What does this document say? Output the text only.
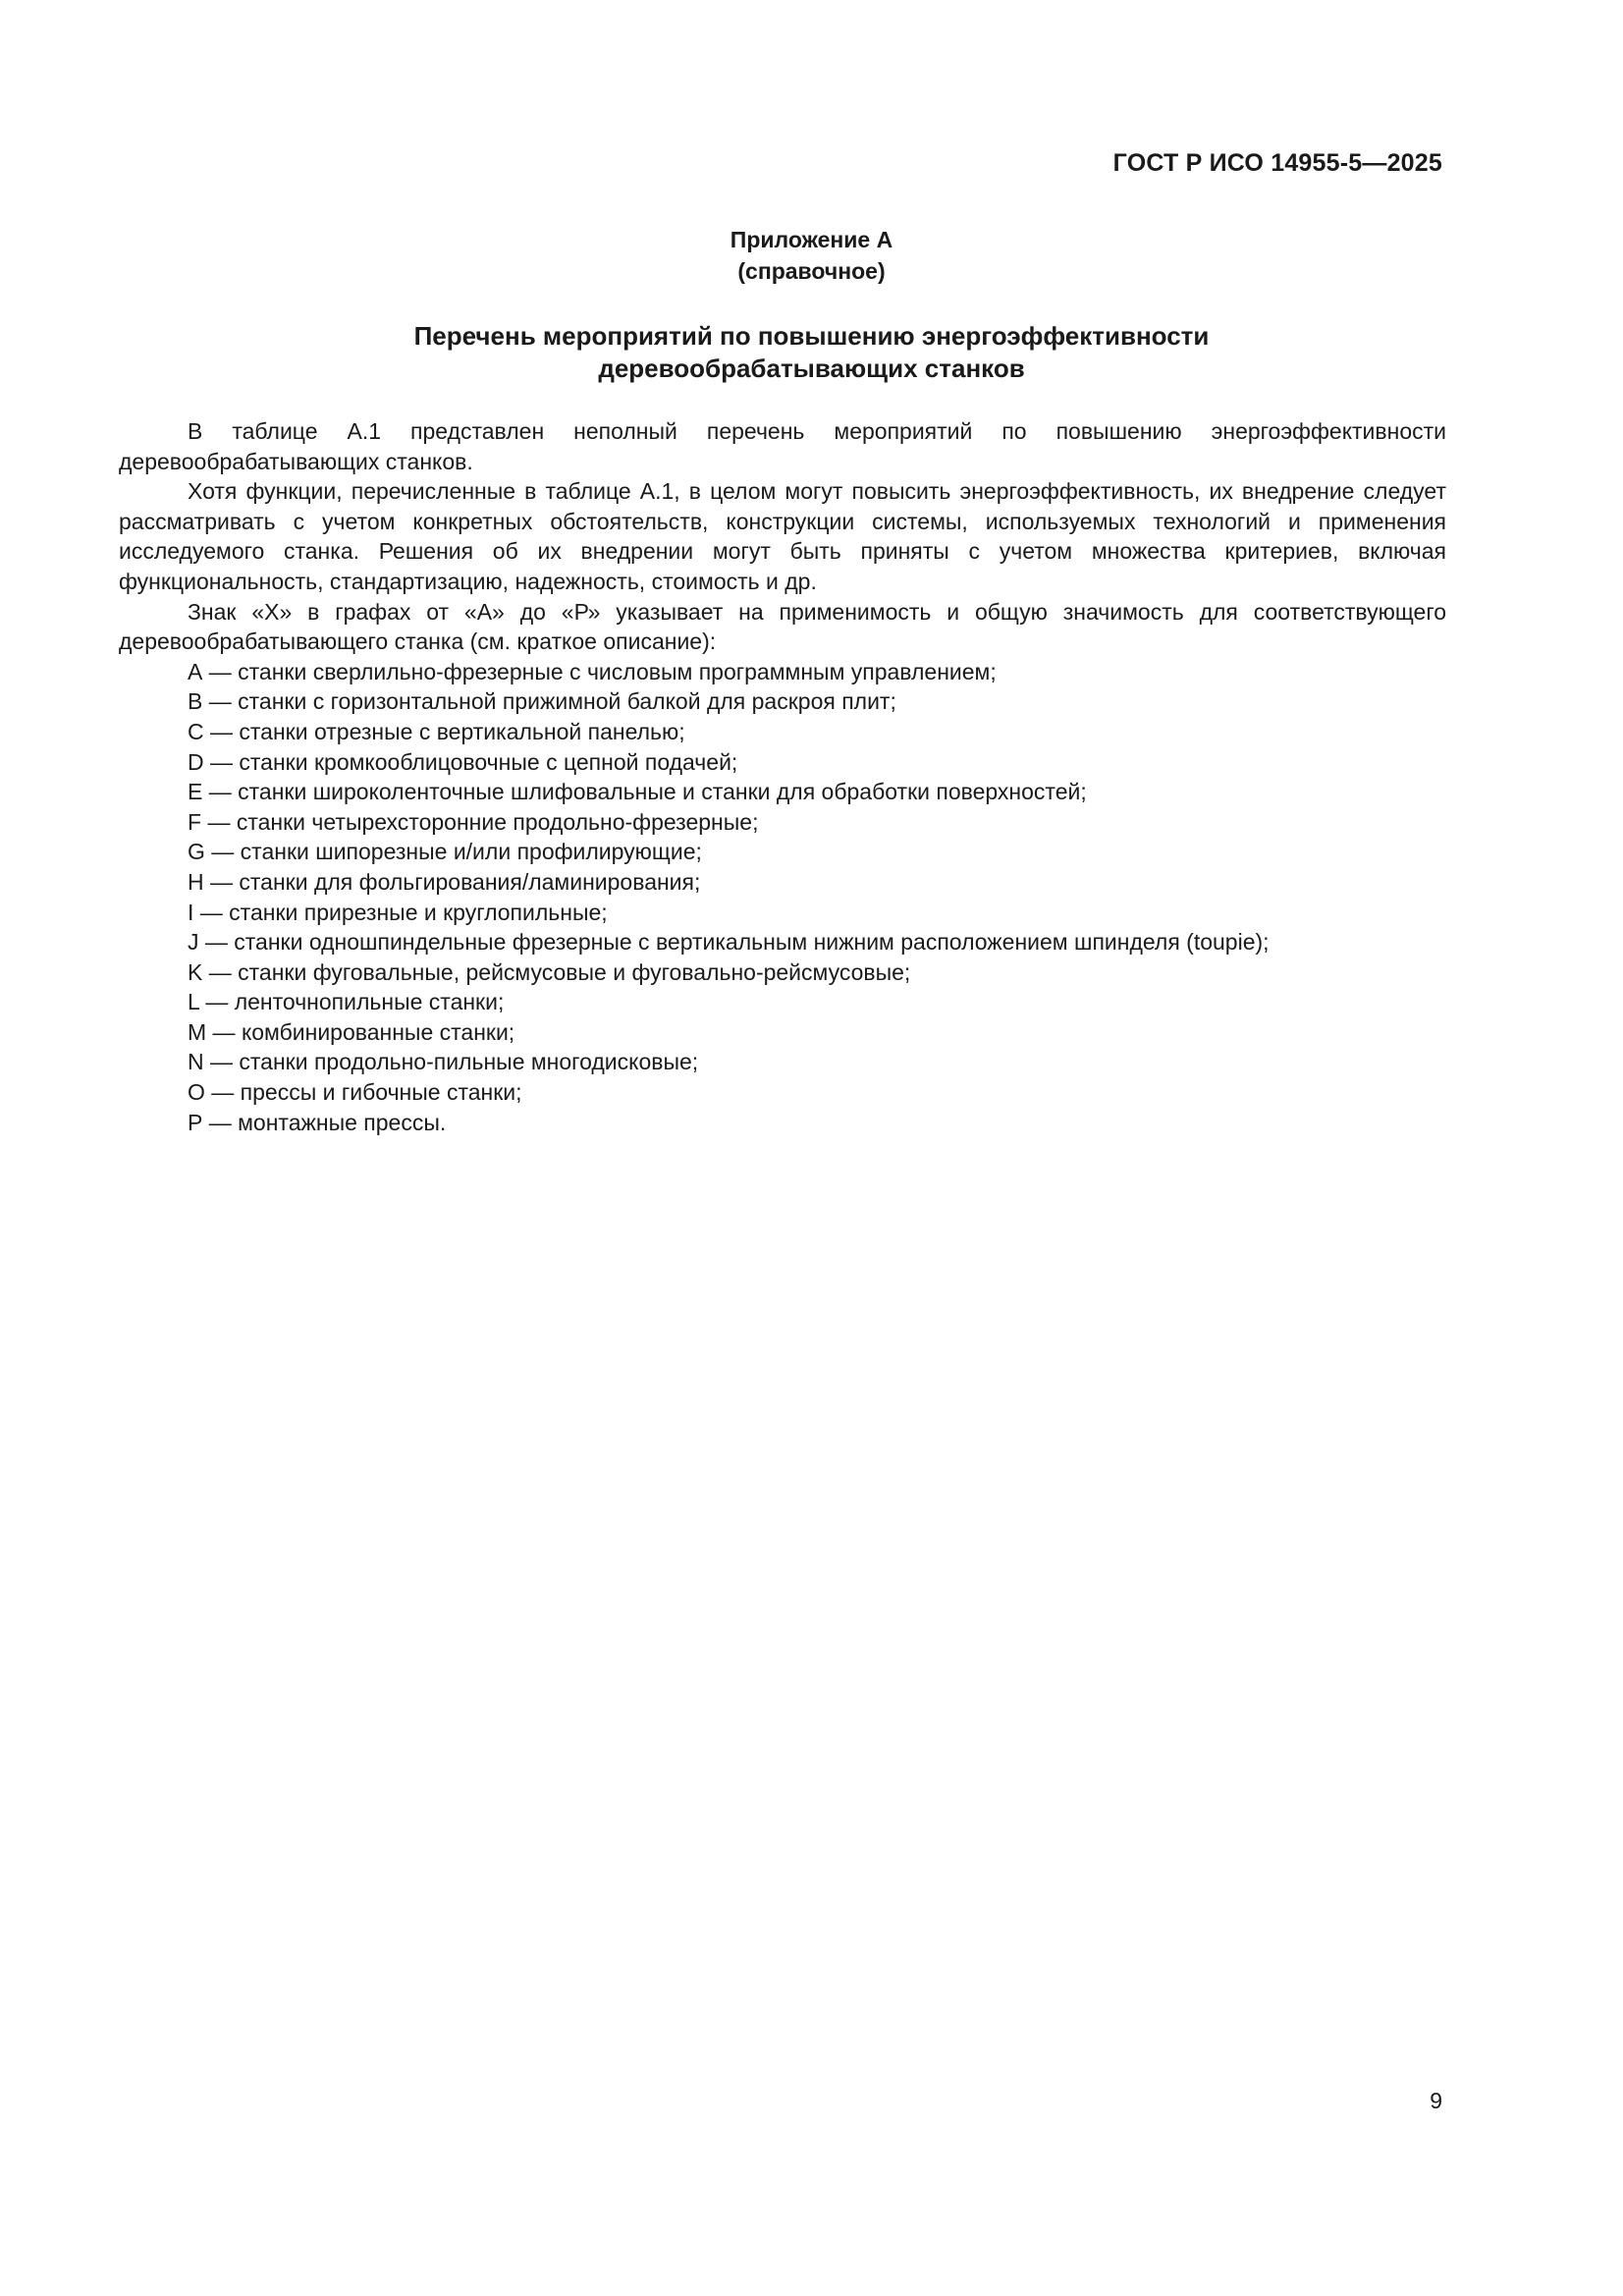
ГОСТ Р ИСО 14955-5—2025
Приложение А
(справочное)
Перечень мероприятий по повышению энергоэффективности
деревообрабатывающих станков

В таблице А.1 представлен неполный перечень мероприятий по повышению энергоэффективности деревообрабатывающих станков.

Хотя функции, перечисленные в таблице А.1, в целом могут повысить энергоэффективность, их внедрение следует рассматривать с учетом конкретных обстоятельств, конструкции системы, используемых технологий и применения исследуемого станка. Решения об их внедрении могут быть приняты с учетом множества критериев, включая функциональность, стандартизацию, надежность, стоимость и др.

Знак «X» в графах от «А» до «Р» указывает на применимость и общую значимость для соответствующего деревообрабатывающего станка (см. краткое описание):

А — станки сверлильно-фрезерные с числовым программным управлением;
В — станки с горизонтальной прижимной балкой для раскроя плит;
С — станки отрезные с вертикальной панелью;
D — станки кромкооблицовочные с цепной подачей;
Е — станки широколенточные шлифовальные и станки для обработки поверхностей;
F — станки четырехсторонние продольно-фрезерные;
G — станки шипорезные и/или профилирующие;
Н — станки для фольгирования/ламинирования;
I — станки прирезные и круглопильные;
J — станки одношпиндельные фрезерные с вертикальным нижним расположением шпинделя (toupie);
K — станки фуговальные, рейсмусовые и фуговально-рейсмусовые;
L — ленточнопильные станки;
М — комбинированные станки;
N — станки продольно-пильные многодисковые;
О — прессы и гибочные станки;
Р — монтажные прессы.
9
